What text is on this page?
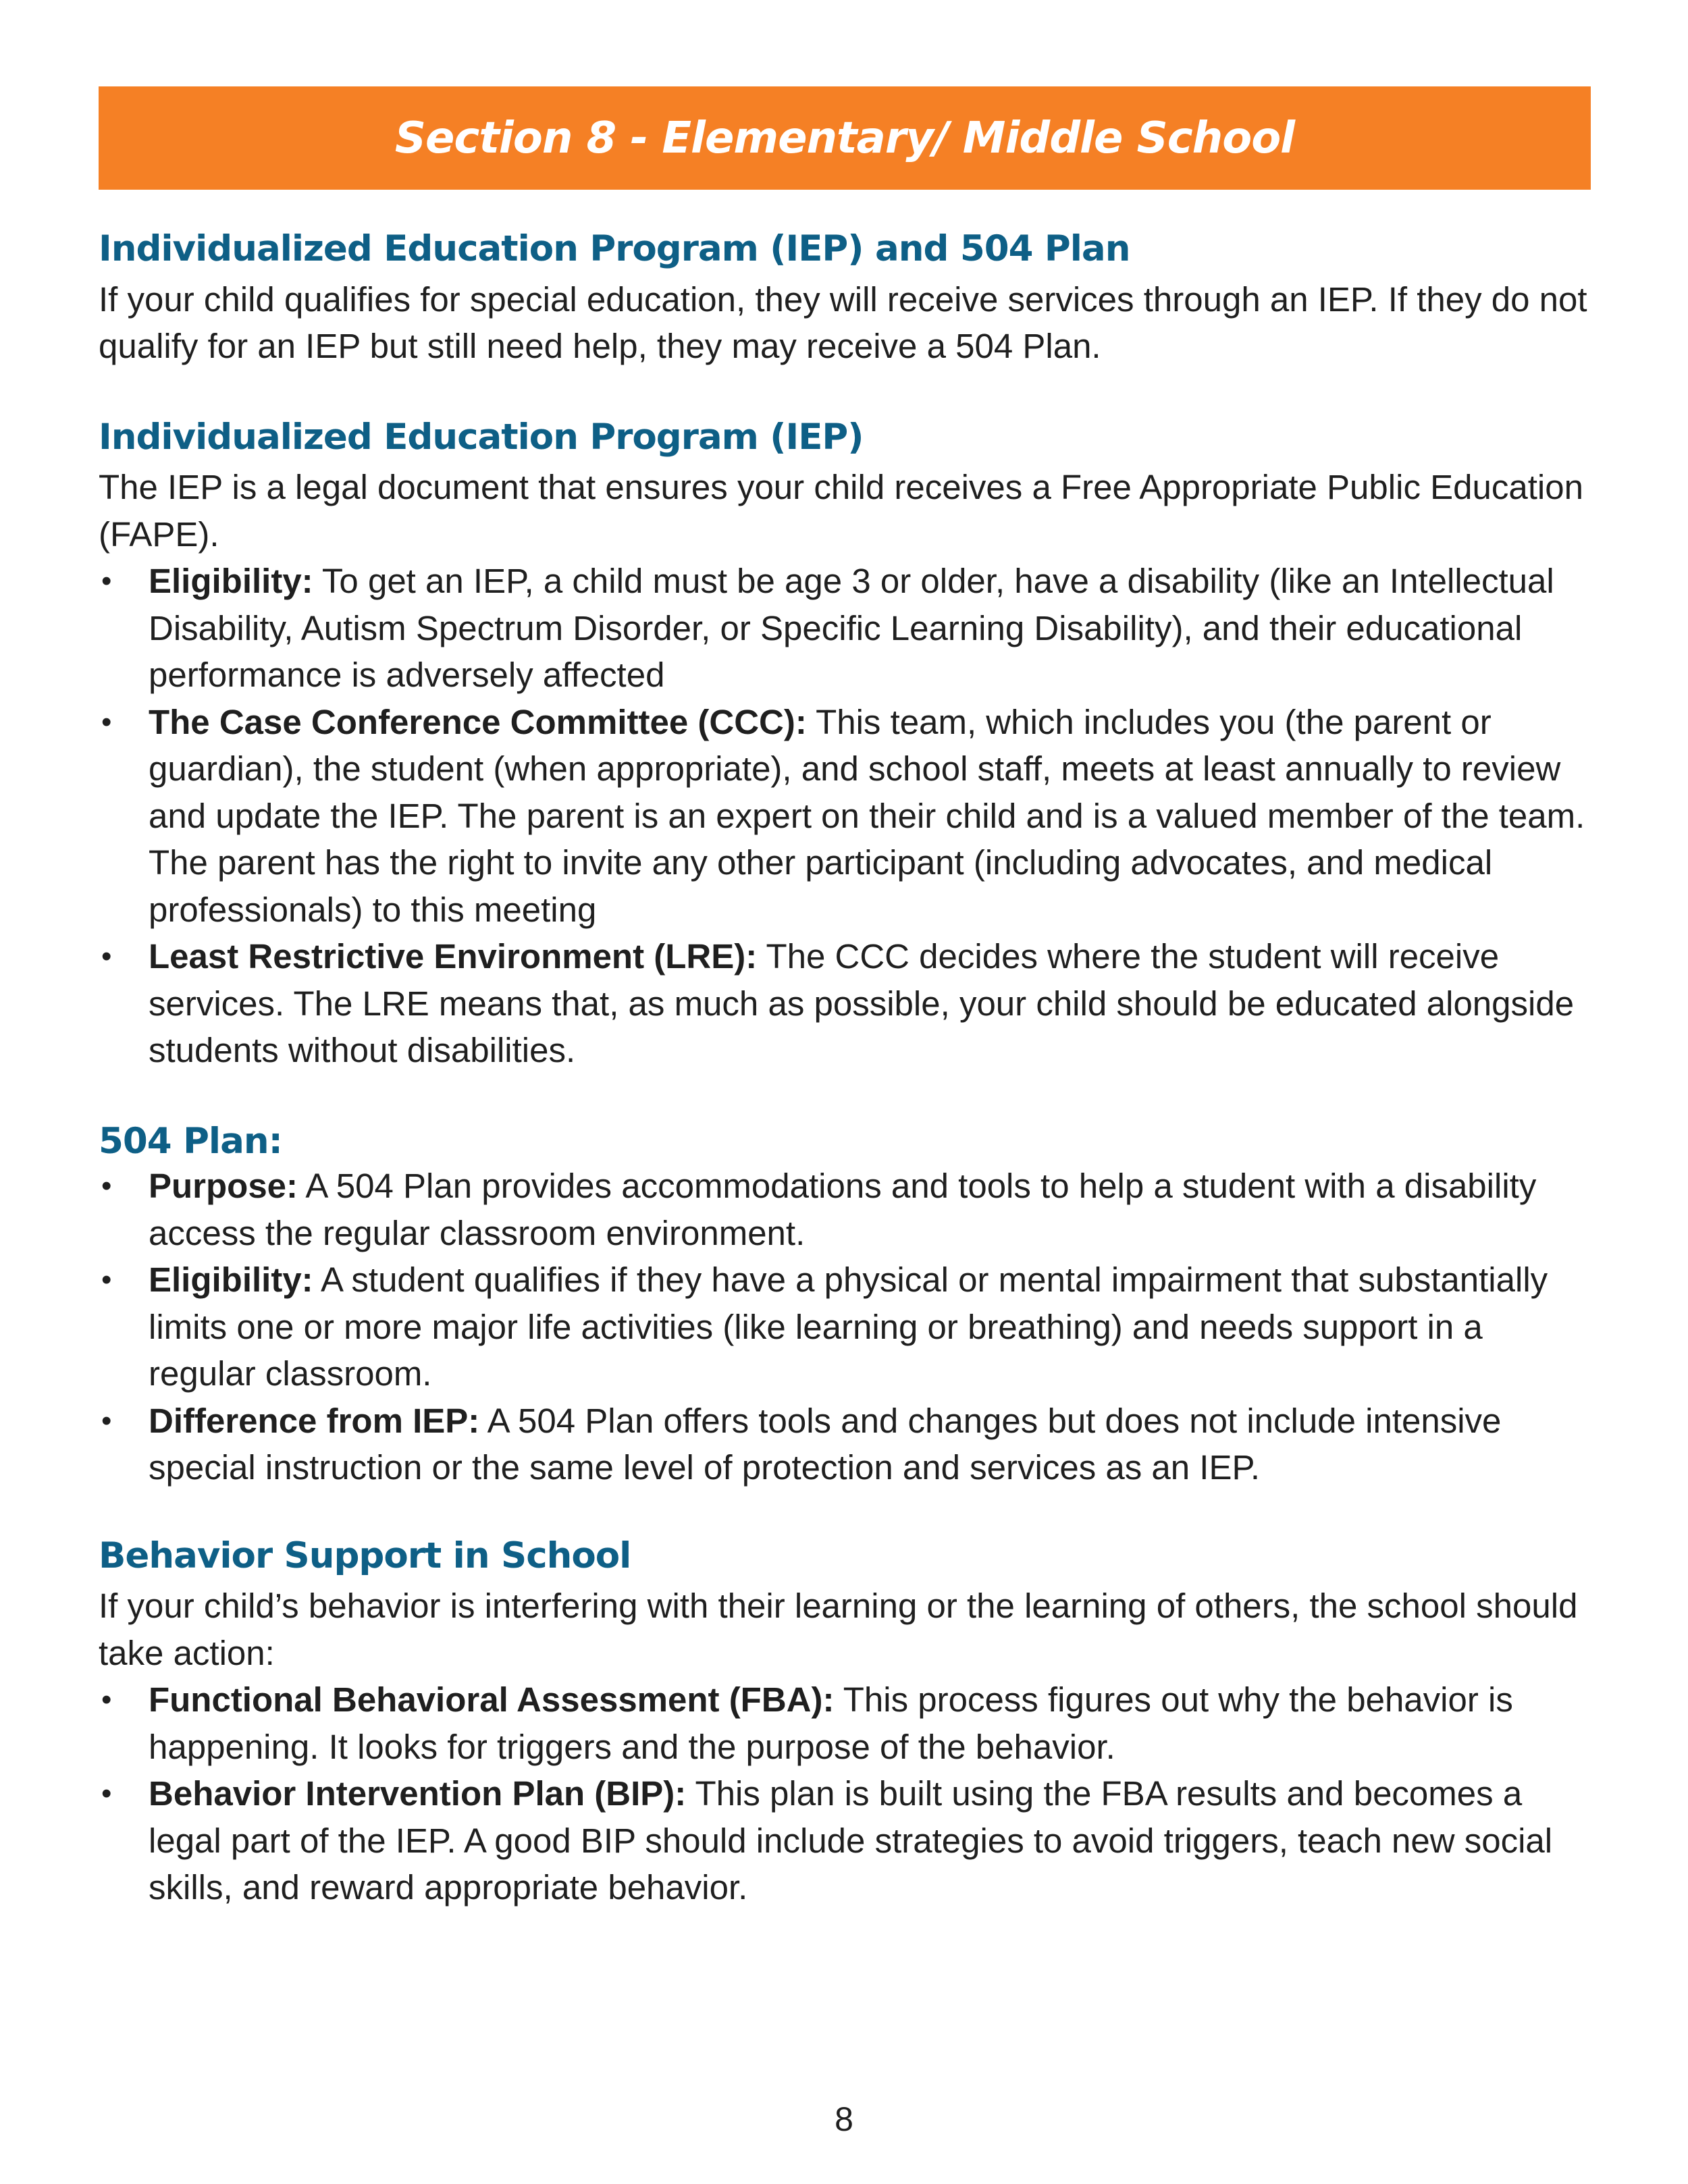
Section 8 - Elementary/ Middle School
Individualized Education Program (IEP) and 504 Plan

If your child qualifies for special education, they will receive services through an IEP. If they do not qualify for an IEP but still need help, they may receive a 504 Plan.

Individualized Education Program (IEP)

The IEP is a legal document that ensures your child receives a Free Appropriate Public Education (FAPE).

•	Eligibility: To get an IEP, a child must be age 3 or older, have a disability (like an Intellectual Disability, Autism Spectrum Disorder, or Specific Learning Disability), and their educational performance is adversely affected
•	The Case Conference Committee (CCC): This team, which includes you (the parent or guardian), the student (when appropriate), and school staff, meets at least annually to review and update the IEP. The parent is an expert on their child and is a valued member of the team. The parent has the right to invite any other participant (including advocates, and medical professionals) to this meeting
•	Least Restrictive Environment (LRE): The CCC decides where the student will receive services. The LRE means that, as much as possible, your child should be educated alongside students without disabilities.
504 Plan:
•	Purpose: A 504 Plan provides accommodations and tools to help a student with a disability access the regular classroom environment.
•	Eligibility: A student qualifies if they have a physical or mental impairment that substantially limits one or more major life activities (like learning or breathing) and needs support in a regular classroom.
•	Difference from IEP: A 504 Plan offers tools and changes but does not include intensive special instruction or the same level of protection and services as an IEP.
Behavior Support in School

If your child’s behavior is interfering with their learning or the learning of others, the school should take action:

•	Functional Behavioral Assessment (FBA): This process figures out why the behavior is happening. It looks for triggers and the purpose of the behavior.
•	Behavior Intervention Plan (BIP): This plan is built using the FBA results and becomes a legal part of the IEP. A good BIP should include strategies to avoid triggers, teach new social skills, and reward appropriate behavior.
8
